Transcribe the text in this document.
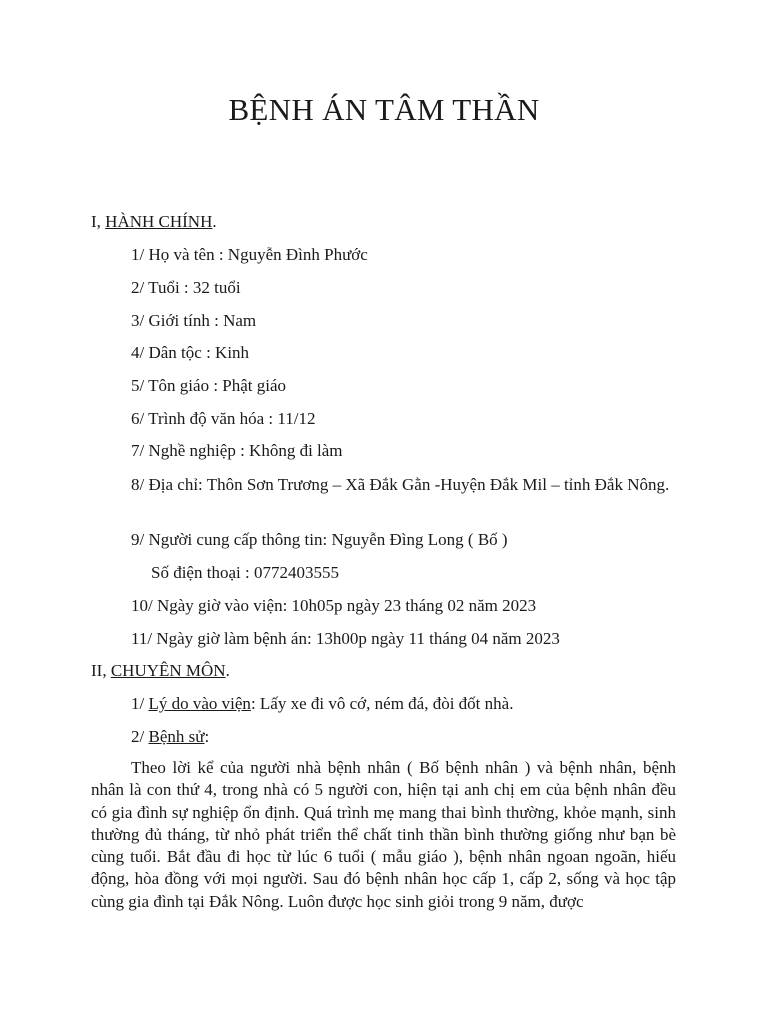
BỆNH ÁN TÂM THẦN

I, HÀNH CHÍNH.

1/ Họ và tên : Nguyễn Đình Phước

2/ Tuổi : 32 tuổi

3/ Giới tính : Nam

4/ Dân tộc : Kinh

5/ Tôn giáo : Phật giáo

6/ Trình độ văn hóa : 11/12

7/ Nghề nghiệp : Không đi làm

8/ Địa chỉ: Thôn Sơn Trương – Xã Đắk Gằn -Huyện Đắk Mil – tỉnh Đắk Nông.

9/ Người cung cấp thông tin: Nguyễn Đìng Long ( Bố )

Số điện thoại : 0772403555

10/ Ngày giờ vào viện: 10h05p ngày 23 tháng 02 năm 2023

11/ Ngày giờ làm bệnh án: 13h00p ngày 11 tháng 04 năm 2023

II, CHUYÊN MÔN.

1/ Lý do vào viện: Lấy xe đi vô cớ, ném đá, đòi đốt nhà.

2/ Bệnh sử:

Theo lời kể của người nhà bệnh nhân ( Bố bệnh nhân ) và bệnh nhân, bệnh nhân là con thứ 4, trong nhà có 5 người con, hiện tại anh chị em của bệnh nhân đều có gia đình sự nghiệp ổn định. Quá trình mẹ mang thai bình thường, khỏe mạnh, sinh thường đủ tháng, từ nhỏ phát triển thể chất tinh thần bình thường giống như bạn bè cùng tuổi. Bắt đầu đi học từ lúc 6 tuổi ( mẫu giáo ), bệnh nhân ngoan ngoãn, hiếu động, hòa đồng với mọi người. Sau đó bệnh nhân học cấp 1, cấp 2, sống và học tập cùng gia đình tại Đắk Nông. Luôn được học sinh giỏi trong 9 năm, được
